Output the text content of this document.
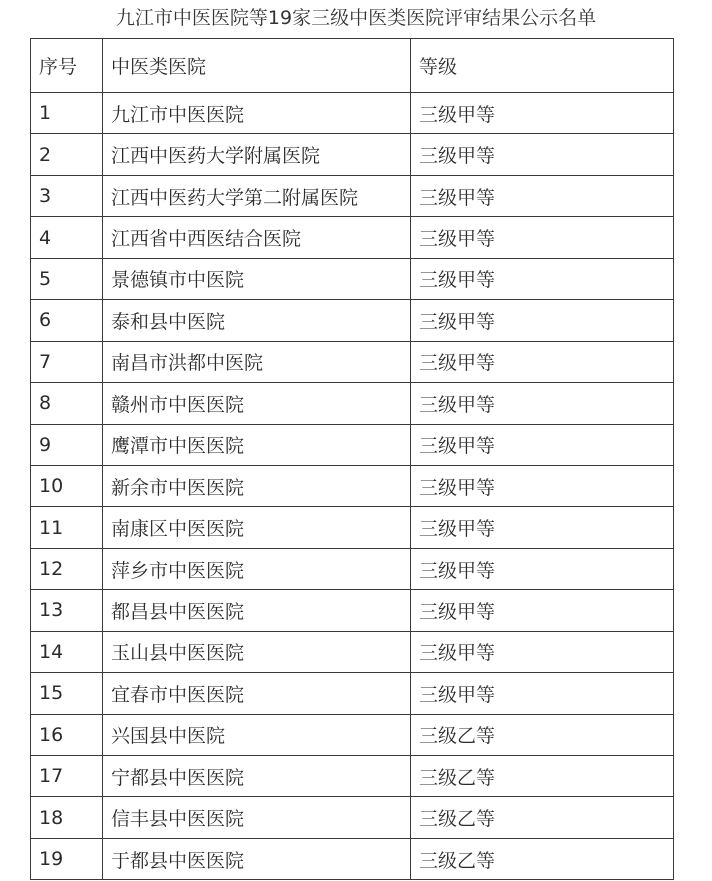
九江市中医医院等19家三级中医类医院评审结果公示名单
序号	中医类医院	等级
1	九江市中医医院	三级甲等
2	江西中医药大学附属医院	三级甲等
3	江西中医药大学第二附属医院	三级甲等
4	江西省中西医结合医院	三级甲等
5	景德镇市中医院	三级甲等
6	泰和县中医院	三级甲等
7	南昌市洪都中医院	三级甲等
8	赣州市中医医院	三级甲等
9	鹰潭市中医医院	三级甲等
10	新余市中医医院	三级甲等
11	南康区中医医院	三级甲等
12	萍乡市中医医院	三级甲等
13	都昌县中医医院	三级甲等
14	玉山县中医医院	三级甲等
15	宜春市中医医院	三级甲等
16	兴国县中医院	三级乙等
17	宁都县中医医院	三级乙等
18	信丰县中医医院	三级乙等
19	于都县中医医院	三级乙等
